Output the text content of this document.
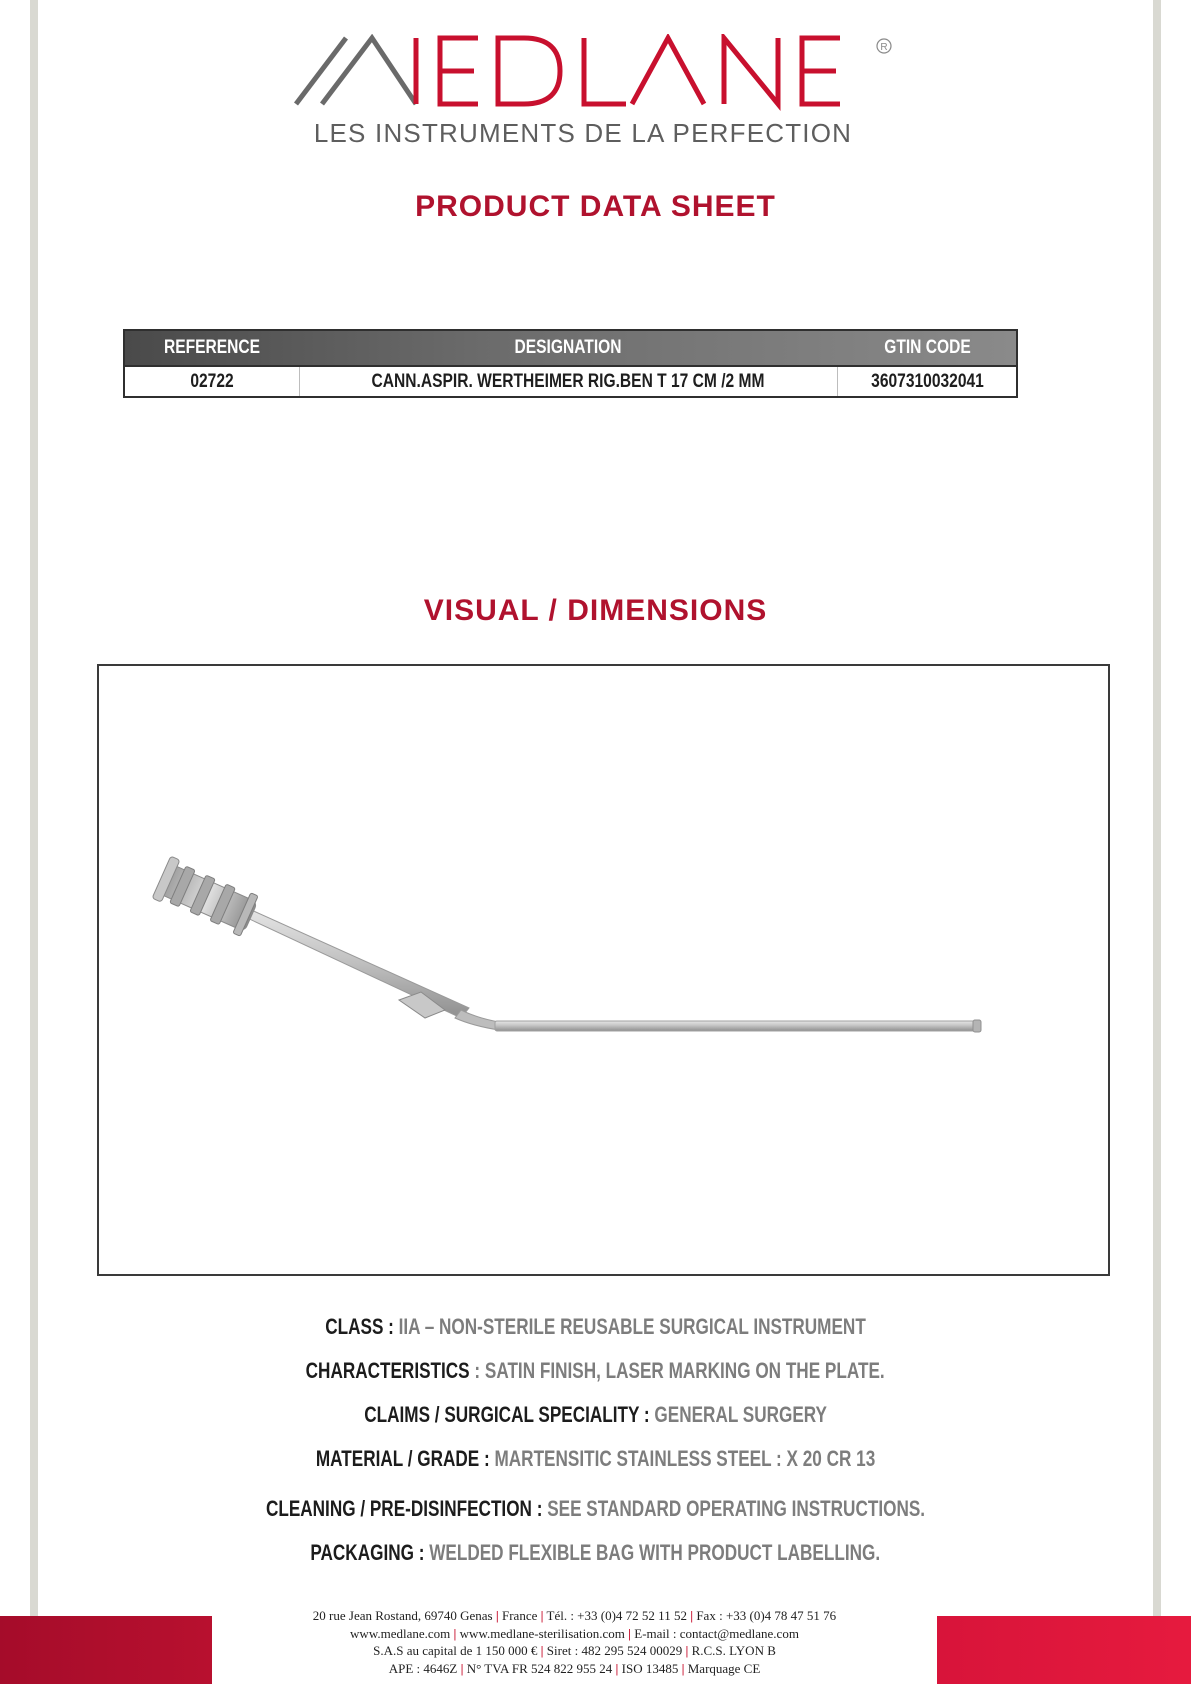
R
LES INSTRUMENTS DE LA PERFECTION
PRODUCT DATA SHEET
REFERENCE	DESIGNATION	GTIN CODE
02722	CANN.ASPIR. WERTHEIMER RIG.BEN T 17 CM /2 MM	3607310032041
VISUAL / DIMENSIONS
CLASS : IIA – NON-STERILE REUSABLE SURGICAL INSTRUMENT
CHARACTERISTICS : SATIN FINISH, LASER MARKING ON THE PLATE.
CLAIMS / SURGICAL SPECIALITY : GENERAL SURGERY
MATERIAL / GRADE : MARTENSITIC STAINLESS STEEL : X 20 CR 13
CLEANING / PRE-DISINFECTION : SEE STANDARD OPERATING INSTRUCTIONS.
PACKAGING : WELDED FLEXIBLE BAG WITH PRODUCT LABELLING.
20 rue Jean Rostand, 69740 Genas | France | Tél. : +33 (0)4 72 52 11 52 | Fax : +33 (0)4 78 47 51 76
www.medlane.com | www.medlane-sterilisation.com | E-mail : contact@medlane.com
S.A.S au capital de 1 150 000 € | Siret : 482 295 524 00029 | R.C.S. LYON B
APE : 4646Z | N° TVA FR 524 822 955 24 | ISO 13485 | Marquage CE
